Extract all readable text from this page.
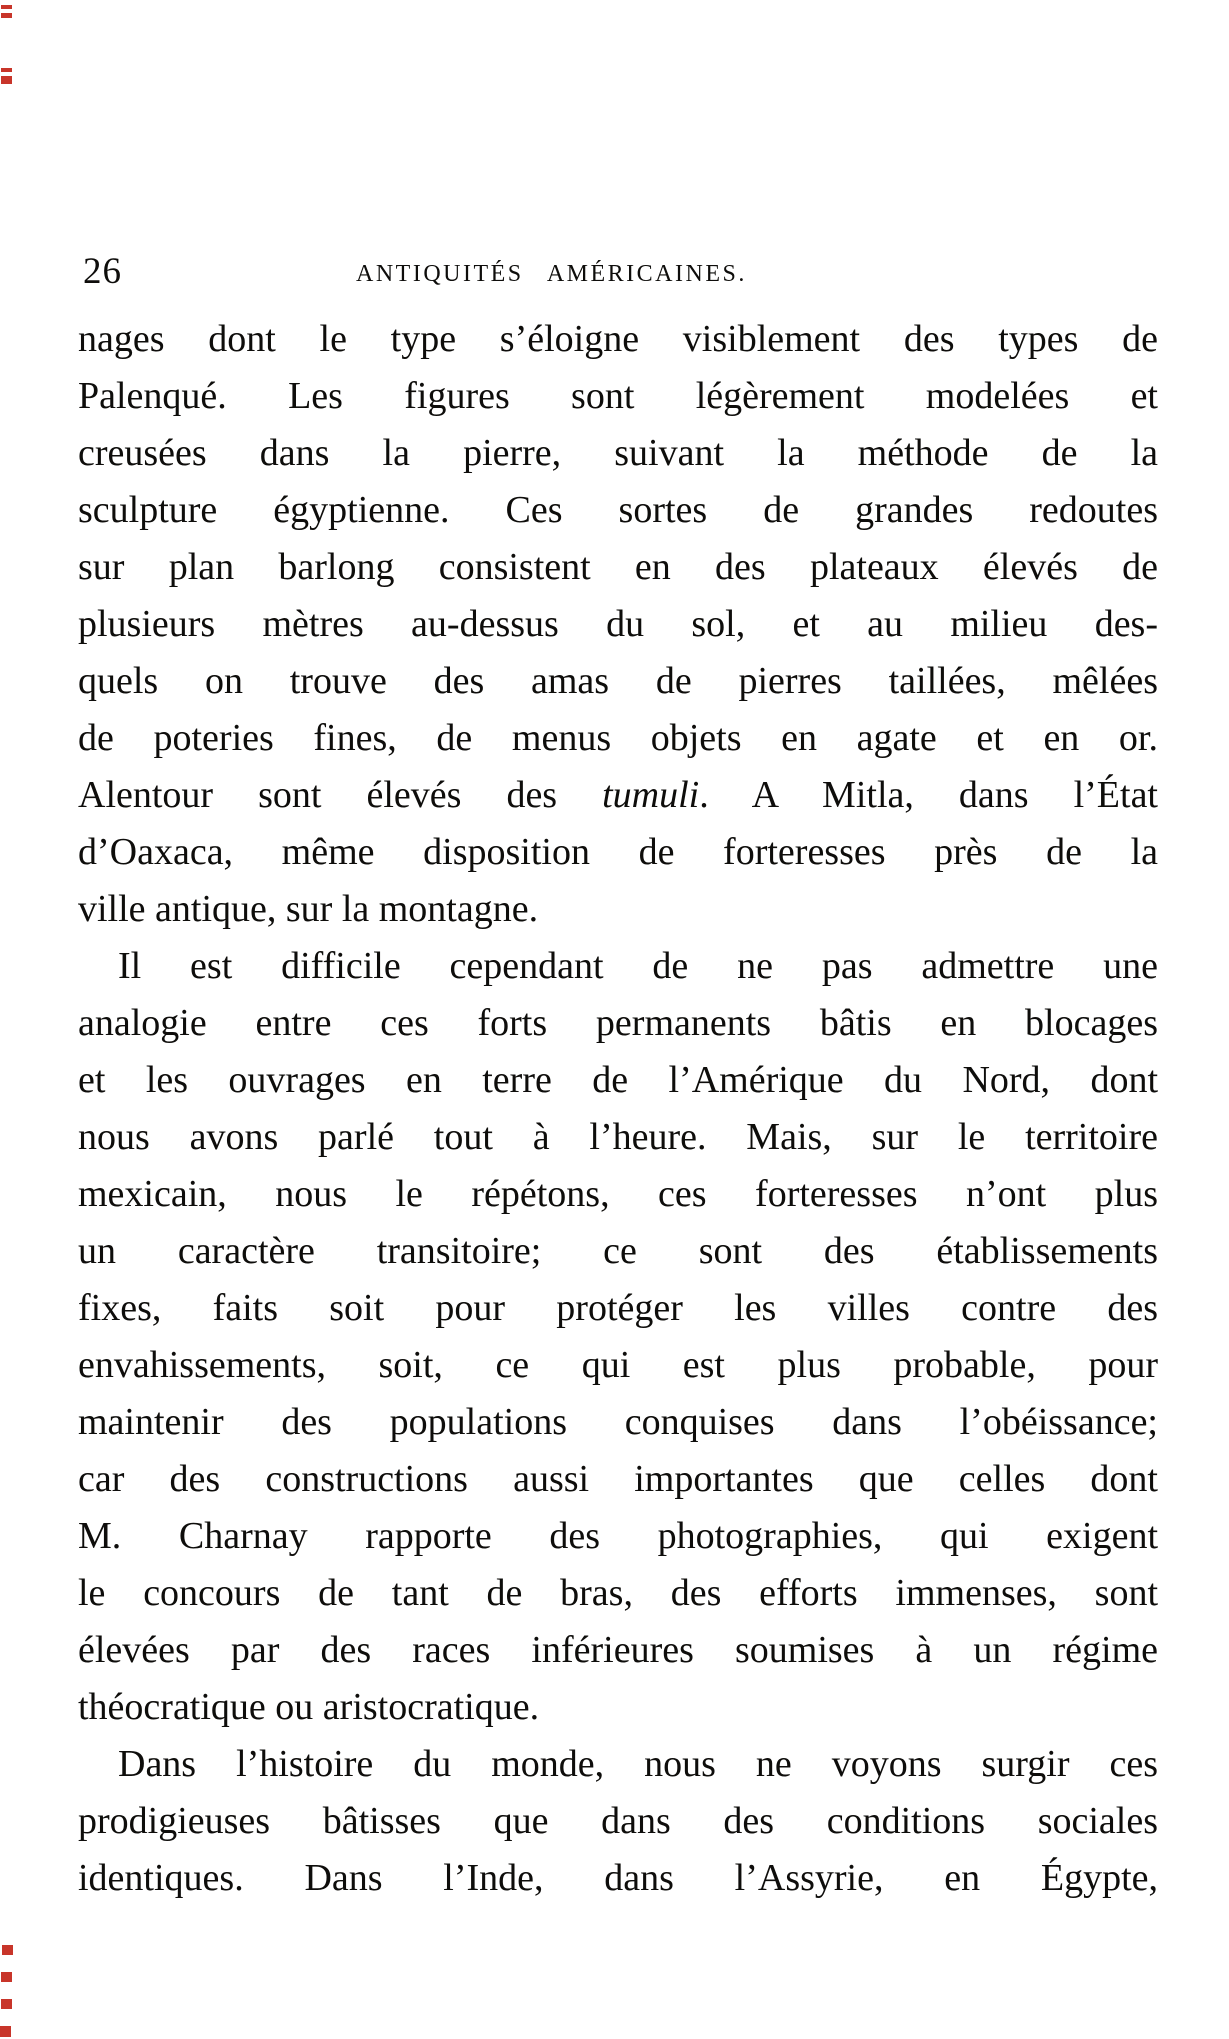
26	ANTIQUITÉS AMÉRICAINES.
nages dont le type s’éloigne visiblement des types de
Palenqué. Les figures sont légèrement modelées et
creusées dans la pierre, suivant la méthode de la
sculpture égyptienne. Ces sortes de grandes redoutes
sur plan barlong consistent en des plateaux élevés de
plusieurs mètres au-dessus du sol, et au milieu des-
quels on trouve des amas de pierres taillées, mêlées
de poteries fines, de menus objets en agate et en or.
Alentour sont élevés des tumuli. A Mitla, dans l’État
d’Oaxaca, même disposition de forteresses près de la
ville antique, sur la montagne.
Il est difficile cependant de ne pas admettre une
analogie entre ces forts permanents bâtis en blocages
et les ouvrages en terre de l’Amérique du Nord, dont
nous avons parlé tout à l’heure. Mais, sur le territoire
mexicain, nous le répétons, ces forteresses n’ont plus
un caractère transitoire; ce sont des établissements
fixes, faits soit pour protéger les villes contre des
envahissements, soit, ce qui est plus probable, pour
maintenir des populations conquises dans l’obéissance;
car des constructions aussi importantes que celles dont
M. Charnay rapporte des photographies, qui exigent
le concours de tant de bras, des efforts immenses, sont
élevées par des races inférieures soumises à un régime
théocratique ou aristocratique.
Dans l’histoire du monde, nous ne voyons surgir ces
prodigieuses bâtisses que dans des conditions sociales
identiques. Dans l’Inde, dans l’Assyrie, en Égypte,
